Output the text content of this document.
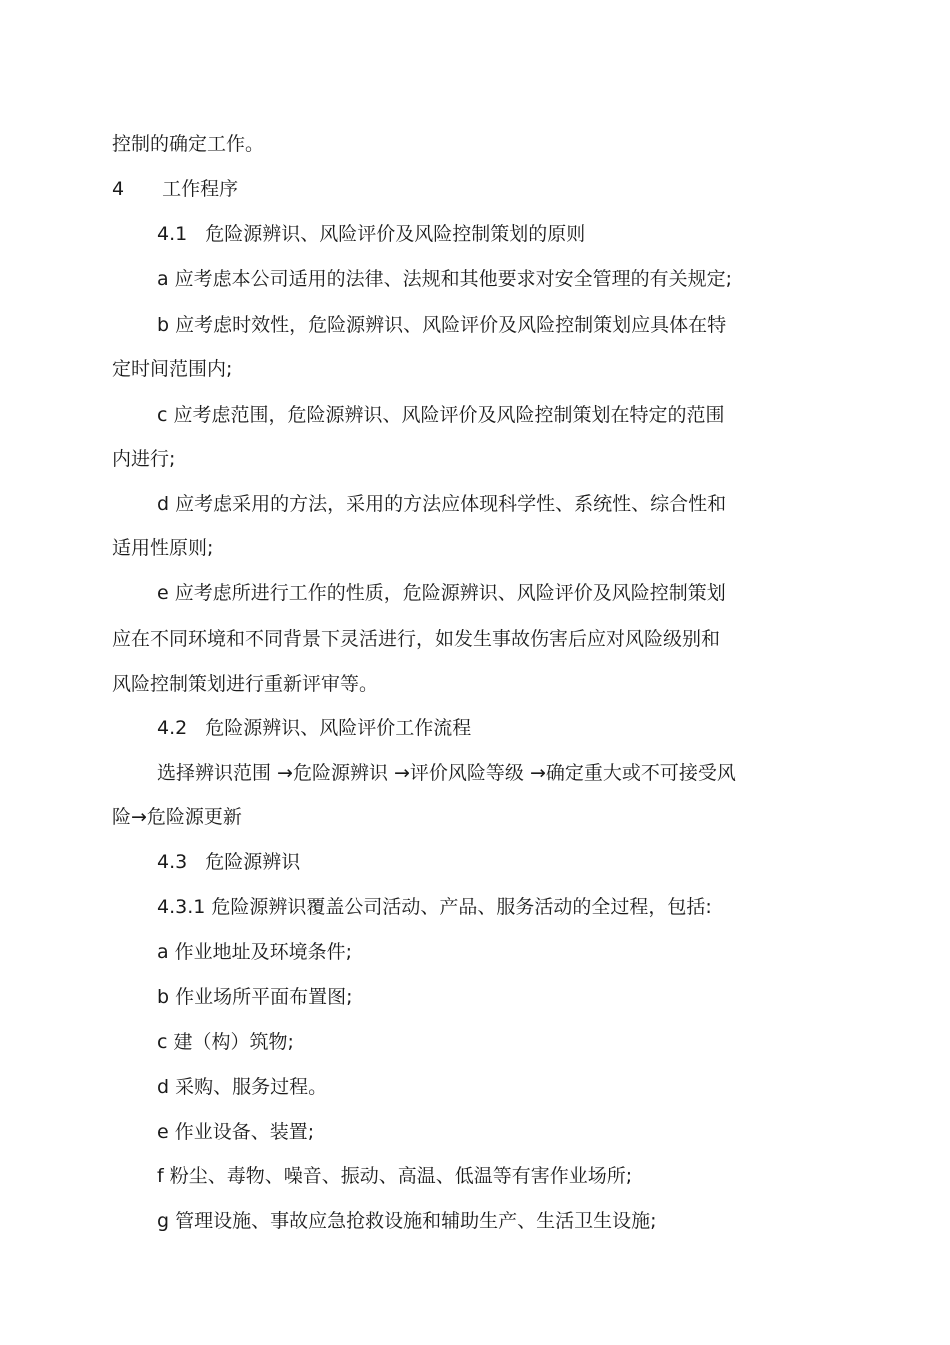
控制的确定工作。
4 工作程序
4.1 危险源辨识、风险评价及风险控制策划的原则
a 应考虑本公司适用的法律、法规和其他要求对安全管理的有关规定;
b 应考虑时效性，危险源辨识、风险评价及风险控制策划应具体在特
定时间范围内;
c 应考虑范围，危险源辨识、风险评价及风险控制策划在特定的范围
内进行;
d 应考虑采用的方法，采用的方法应体现科学性、系统性、综合性和
适用性原则;
e 应考虑所进行工作的性质，危险源辨识、风险评价及风险控制策划
应在不同环境和不同背景下灵活进行，如发生事故伤害后应对风险级别和
风险控制策划进行重新评审等。
4.2 危险源辨识、风险评价工作流程
选择辨识范围 →危险源辨识 →评价风险等级 →确定重大或不可接受风
险→危险源更新
4.3 危险源辨识
4.3.1 危险源辨识覆盖公司活动、产品、服务活动的全过程，包括:
a 作业地址及环境条件;
b 作业场所平面布置图;
c 建（构）筑物;
d 采购、服务过程。
e 作业设备、装置;
f 粉尘、毒物、噪音、振动、高温、低温等有害作业场所;
g 管理设施、事故应急抢救设施和辅助生产、生活卫生设施;
